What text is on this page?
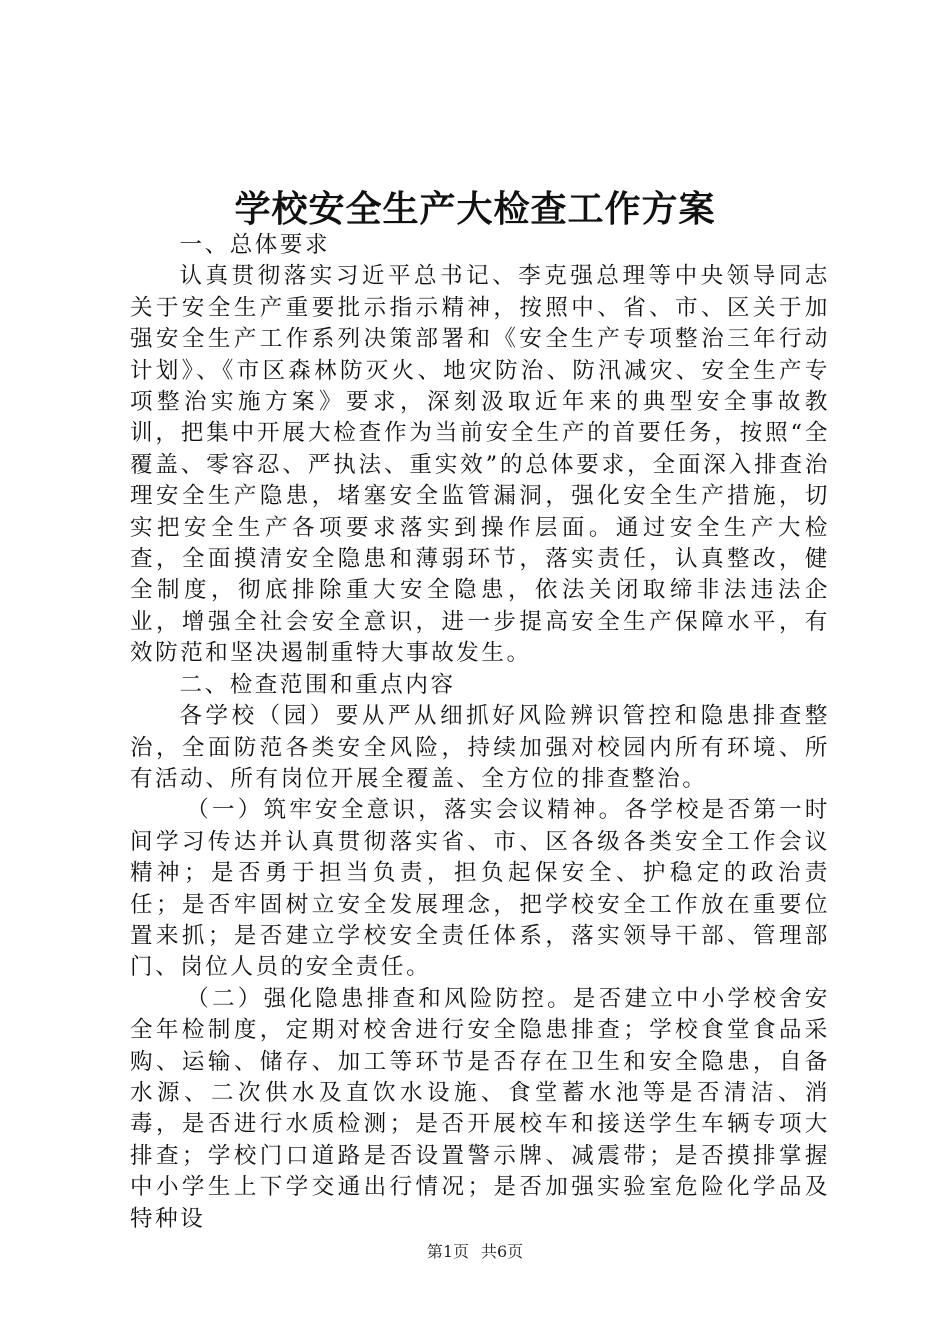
学校安全生产大检查工作方案

一、总体要求

认真贯彻落实习近平总书记、李克强总理等中央领导同志关于安全生产重要批示指示精神，按照中、省、市、区关于加强安全生产工作系列决策部署和《安全生产专项整治三年行动计划》、《市区森林防灭火、地灾防治、防汛减灾、安全生产专项整治实施方案》要求，深刻汲取近年来的典型安全事故教训，把集中开展大检查作为当前安全生产的首要任务，按照“全覆盖、零容忍、严执法、重实效”的总体要求，全面深入排查治理安全生产隐患，堵塞安全监管漏洞，强化安全生产措施，切实把安全生产各项要求落实到操作层面。通过安全生产大检查，全面摸清安全隐患和薄弱环节，落实责任，认真整改，健全制度，彻底排除重大安全隐患，依法关闭取缔非法违法企业，增强全社会安全意识，进一步提高安全生产保障水平，有效防范和坚决遏制重特大事故发生。

二、检查范围和重点内容

各学校（园）要从严从细抓好风险辨识管控和隐患排查整治，全面防范各类安全风险，持续加强对校园内所有环境、所有活动、所有岗位开展全覆盖、全方位的排查整治。

（一）筑牢安全意识，落实会议精神。各学校是否第一时间学习传达并认真贯彻落实省、市、区各级各类安全工作会议精神；是否勇于担当负责，担负起保安全、护稳定的政治责任；是否牢固树立安全发展理念，把学校安全工作放在重要位置来抓；是否建立学校安全责任体系，落实领导干部、管理部门、岗位人员的安全责任。

（二）强化隐患排查和风险防控。是否建立中小学校舍安全年检制度，定期对校舍进行安全隐患排查；学校食堂食品采购、运输、储存、加工等环节是否存在卫生和安全隐患，自备水源、二次供水及直饮水设施、食堂蓄水池等是否清洁、消毒，是否进行水质检测；是否开展校车和接送学生车辆专项大排查；学校门口道路是否设置警示牌、减震带；是否摸排掌握中小学生上下学交通出行情况；是否加强实验室危险化学品及特种设

第1页 共6页
